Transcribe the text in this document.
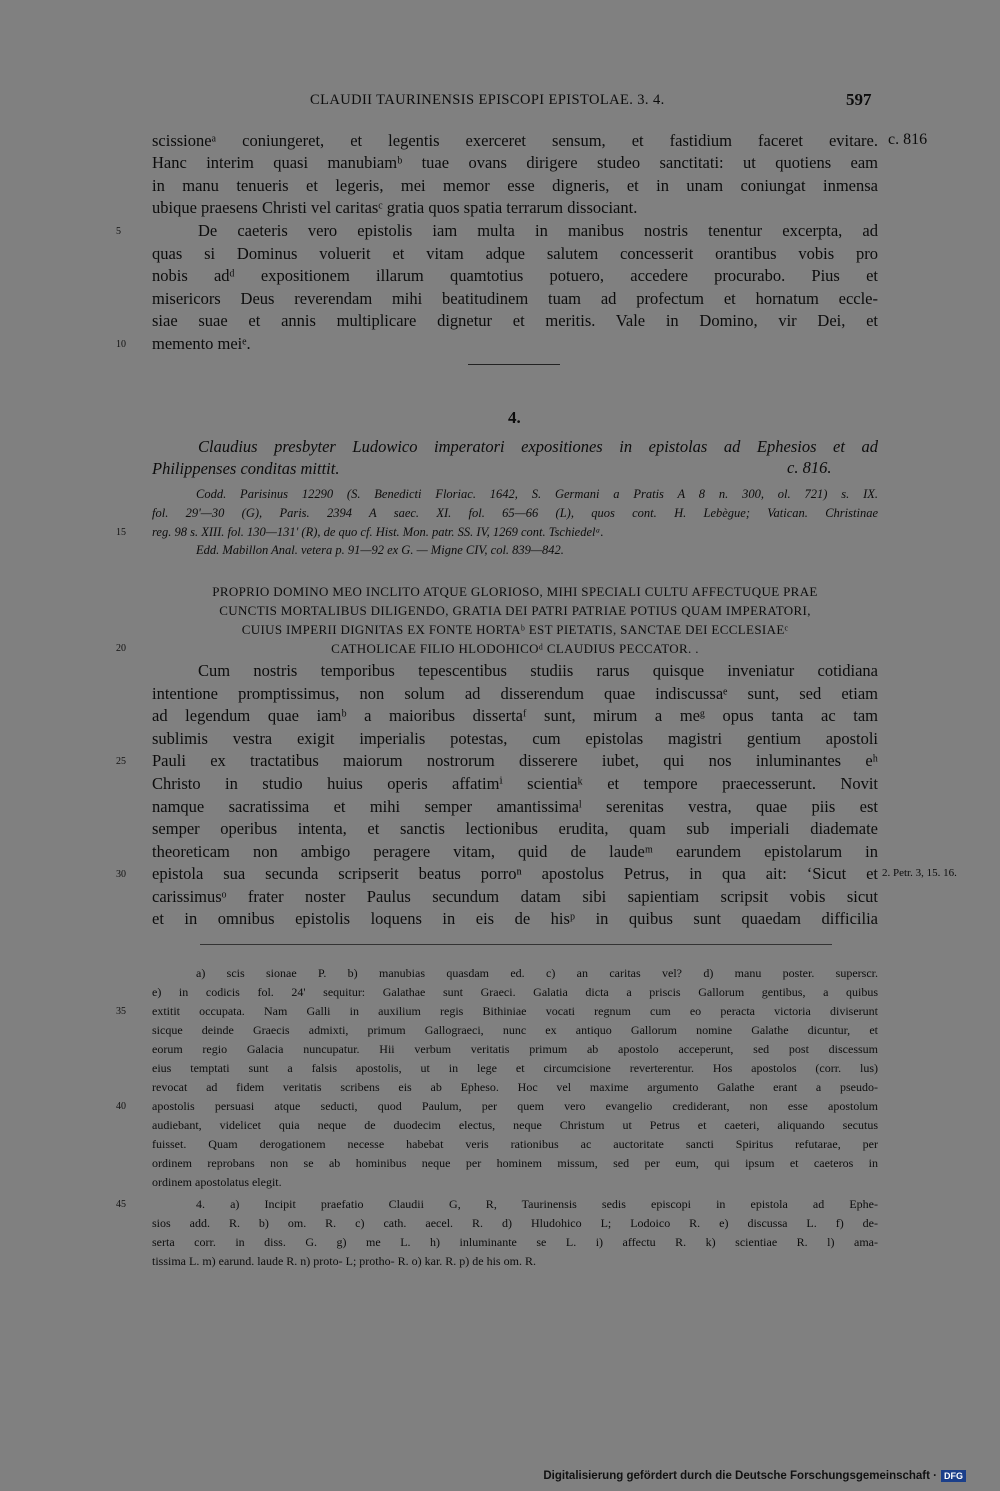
CLAUDII TAURINENSIS EPISCOPI EPISTOLAE. 3. 4.	597
scissioneᵃ coniungeret, et legentis exerceret sensum, et fastidium faceret evitare. c. 816
Hanc interim quasi manubiamᵇ tuae ovans dirigere studeo sanctitati: ut quotiens eam
in manu tenueris et legeris, mei memor esse digneris, et in unam coniungat inmensa
ubique praesens Christi vel caritasᶜ gratia quos spatia terrarum dissociant.
5	De caeteris vero epistolis iam multa in manibus nostris tenentur excerpta, ad
quas si Dominus voluerit et vitam adque salutem concesserit orantibus vobis pro
nobis adᵈ expositionem illarum quamtotius potuero, accedere procurabo. Pius et
misericors Deus reverendam mihi beatitudinem tuam ad profectum et hornatum eccle-
siae suae et annis multiplicare dignetur et meritis. Vale in Domino, vir Dei, et
10 memento meiᵉ.
4.
Claudius presbyter Ludowico imperatori expositiones in epistolas ad Ephesios et ad
Philippenses conditas mittit.	c. 816.
Codd. Parisinus 12290 (S. Benedicti Floriac. 1642, S. Germani a Pratis A 8 n. 300, ol. 721) s. IX.
fol. 29'—30 (G), Paris. 2394 A saec. XI. fol. 65—66 (L), quos cont. H. Lebègue; Vatican. Christinae
15 reg. 98 s. XIII. fol. 130—131' (R), de quo cf. Hist. Mon. patr. SS. IV, 1269 cont. Tschiedelᵃ.
Edd. Mabillon Anal. vetera p. 91—92 ex G. — Migne CIV, col. 839—842.
PROPRIO DOMINO MEO INCLITO ATQUE GLORIOSO, MIHI SPECIALI CULTU AFFECTUQUE PRAE
CUNCTIS MORTALIBUS DILIGENDO, GRATIA DEI PATRI PATRIAE POTIUS QUAM IMPERATORI,
CUIUS IMPERII DIGNITAS EX FONTE HORTAᵇ EST PIETATIS, SANCTAE DEI ECCLESIAEᶜ
20	CATHOLICAE FILIO HLODOHICOᵈ CLAUDIUS PECCATOR. .
Cum nostris temporibus tepescentibus studiis rarus quisque inveniatur cotidiana
intentione promptissimus, non solum ad disserendum quae indiscussaᵉ sunt, sed etiam
ad legendum quae iamᵇ a maioribus dissertaᶠ sunt, mirum a meᵍ opus tanta ac tam
sublimis vestra exigit imperialis potestas, cum epistolas magistri gentium apostoli
25 Pauli ex tractatibus maiorum nostrorum disserere iubet, qui nos inluminantes eʰ
Christo in studio huius operis affatimⁱ scientiaᵏ et tempore praecesserunt. Novit
namque sacratissima et mihi semper amantissimaˡ serenitas vestra, quae piis est
semper operibus intenta, et sanctis lectionibus erudita, quam sub imperiali diademate
theoreticam non ambigo peragere vitam, quid de laudeᵐ earundem epistolarum in
30 epistola sua secunda scripserit beatus porroⁿ apostolus Petrus, in qua ait: ‘Sicut et 2. Petr. 3, 15. 16.
carissimusᵒ frater noster Paulus secundum datam sibi sapientiam scripsit vobis sicut
et in omnibus epistolis loquens in eis de hisᵖ in quibus sunt quaedam difficilia
a) scis sionae P. b) manubias quasdam ed. c) an caritas vel? d) manu poster. superscr.
e) in codicis fol. 24' sequitur: Galathae sunt Graeci. Galatia dicta a priscis Gallorum gentibus, a quibus
35 extitit occupata. Nam Galli in auxilium regis Bithiniae vocati regnum cum eo peracta victoria diviserunt
sicque deinde Graecis admixti, primum Gallograeci, nunc ex antiquo Gallorum nomine Galathe dicuntur, et
eorum regio Galacia nuncupatur. Hii verbum veritatis primum ab apostolo acceperunt, sed post discessum
eius temptati sunt a falsis apostolis, ut in lege et circumcisione reverterentur. Hos apostolos (corr. lus)
revocat ad fidem veritatis scribens eis ab Epheso. Hoc vel maxime argumento Galathe erant a pseudo-
40 apostolis persuasi atque seducti, quod Paulum, per quem vero evangelio crediderant, non esse apostolum
audiebant, videlicet quia neque de duodecim electus, neque Christum ut Petrus et caeteri, aliquando secutus
fuisset. Quam derogationem necesse habebat veris rationibus ac auctoritate sancti Spiritus refutarae, per
ordinem reprobans non se ab hominibus neque per hominem missum, sed per eum, qui ipsum et caeteros in
ordinem apostolatus elegit.
45	4. a) Incipit praefatio Claudii G, R, Taurinensis sedis episcopi in epistola ad Ephe-
sios add. R. b) om. R. c) cath. aecel. R. d) Hludohico L; Lodoico R. e) discussa L. f) de-
serta corr. in diss. G. g) me L. h) inluminante se L. i) affectu R. k) scientiae R. l) ama-
tissima L. m) earund. laude R. n) proto- L; protho- R. o) kar. R. p) de his om. R.
Digitalisierung gefördert durch die Deutsche Forschungsgemeinschaft · DFG
